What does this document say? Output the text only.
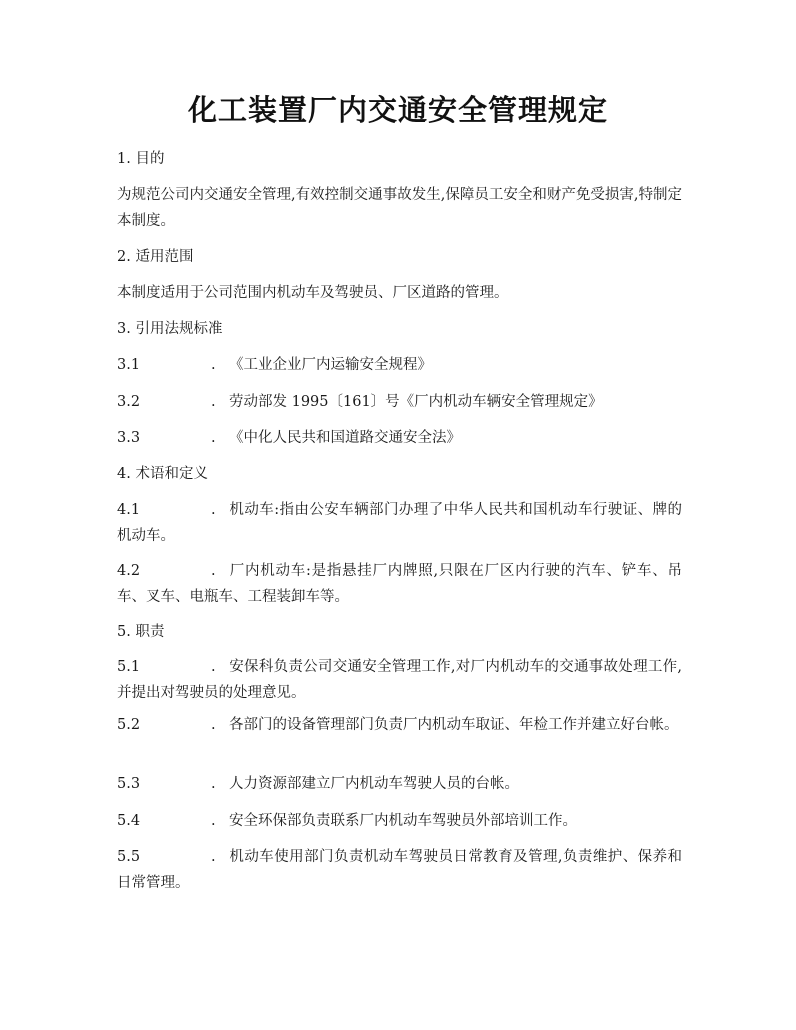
化工装置厂内交通安全管理规定
1. 目的
为规范公司内交通安全管理,有效控制交通事故发生,保障员工安全和财产免受损害,特制定本制度。
2. 适用范围
本制度适用于公司范围内机动车及驾驶员、厂区道路的管理。
3. 引用法规标准
3.1	. 《工业企业厂内运输安全规程》
3.2	. 劳动部发 1995〔161〕号《厂内机动车辆安全管理规定》
3.3	. 《中化人民共和国道路交通安全法》
4. 术语和定义
4.1	. 机动车:指由公安车辆部门办理了中华人民共和国机动车行驶证、牌的机动车。
4.2	. 厂内机动车:是指悬挂厂内牌照,只限在厂区内行驶的汽车、铲车、吊车、叉车、电瓶车、工程装卸车等。
5. 职责
5.1	. 安保科负责公司交通安全管理工作,对厂内机动车的交通事故处理工作,并提出对驾驶员的处理意见。
5.2	. 各部门的设备管理部门负责厂内机动车取证、年检工作并建立好台帐。
5.3	. 人力资源部建立厂内机动车驾驶人员的台帐。
5.4	. 安全环保部负责联系厂内机动车驾驶员外部培训工作。
5.5	. 机动车使用部门负责机动车驾驶员日常教育及管理,负责维护、保养和日常管理。
